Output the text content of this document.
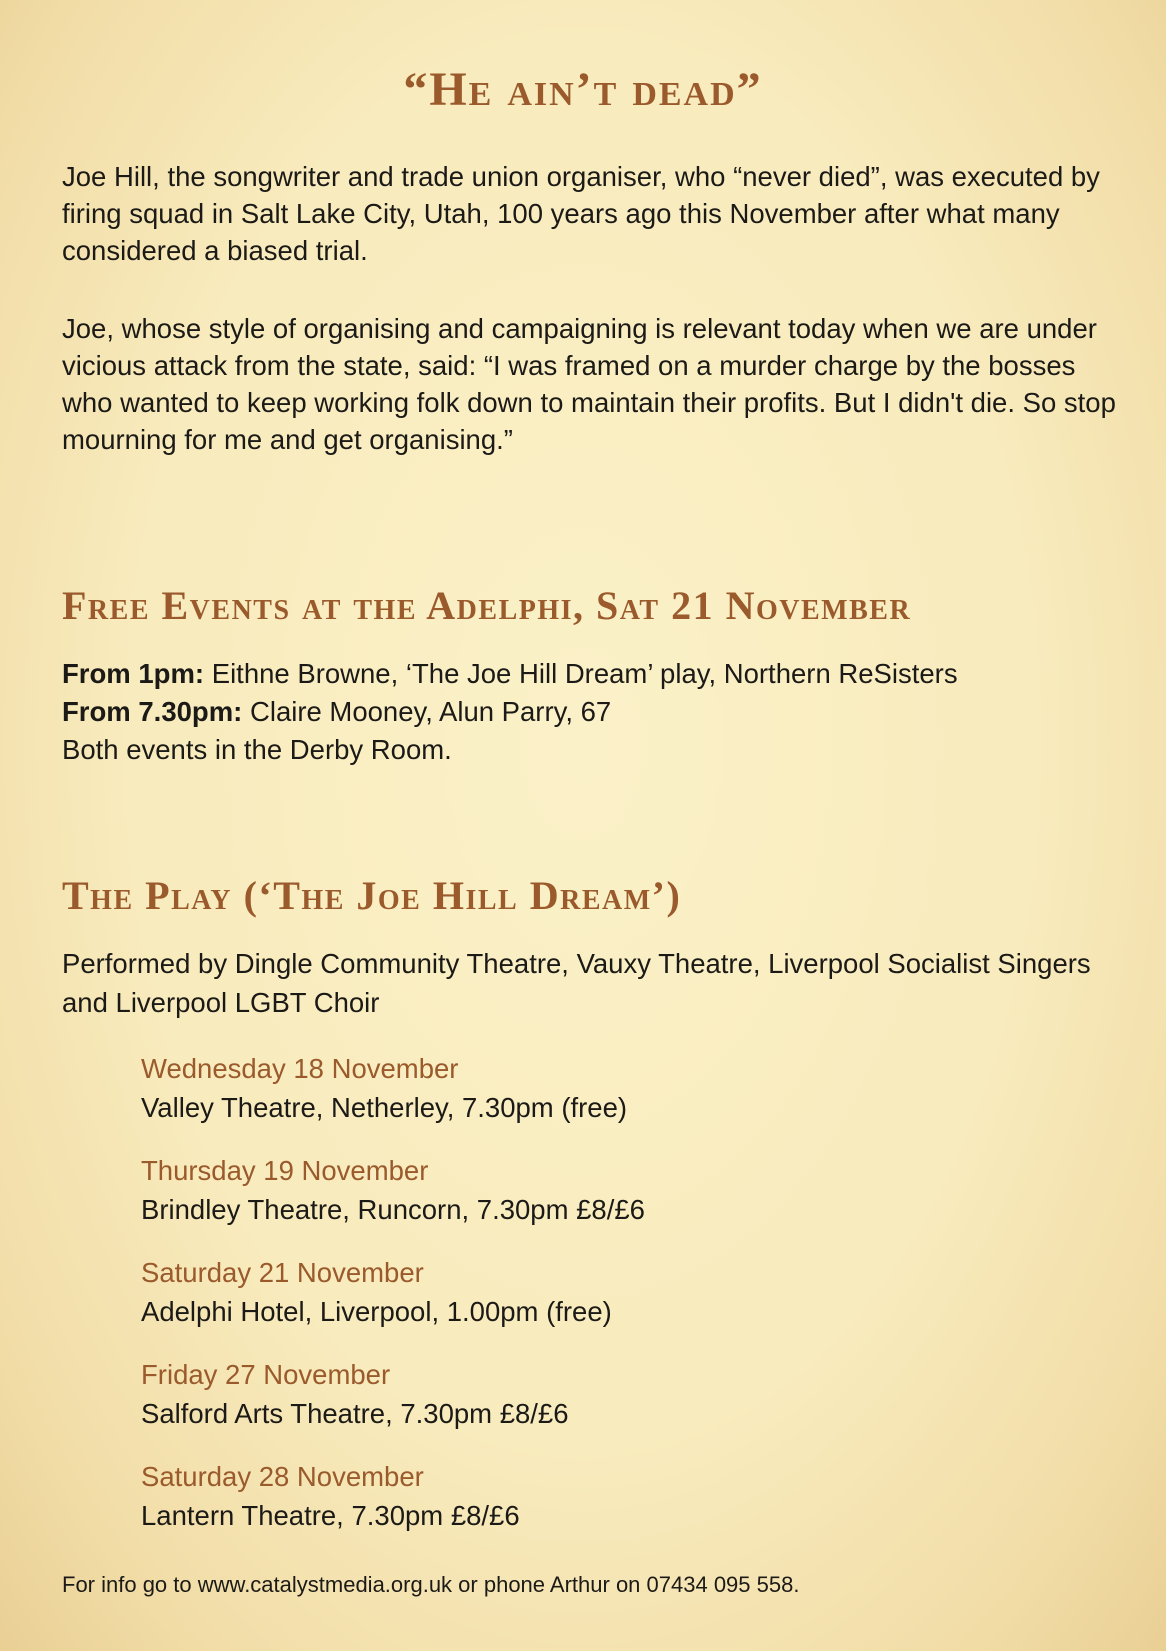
“He ain’t dead”

Joe Hill, the songwriter and trade union organiser, who “never died”, was executed by firing squad in Salt Lake City, Utah, 100 years ago this November after what many considered a biased trial.

Joe, whose style of organising and campaigning is relevant today when we are under vicious attack from the state, said: “I was framed on a murder charge by the bosses who wanted to keep working folk down to maintain their profits. But I didn't die. So stop mourning for me and get organising.”

Free Events at the Adelphi, Sat 21 November

From 1pm: Eithne Browne, ‘The Joe Hill Dream’ play, Northern ReSisters

From 7.30pm: Claire Mooney, Alun Parry, 67

Both events in the Derby Room.

The Play (‘The Joe Hill Dream’)

Performed by Dingle Community Theatre, Vauxy Theatre, Liverpool Socialist Singers and Liverpool LGBT Choir

Wednesday 18 November

Valley Theatre, Netherley, 7.30pm (free)

Thursday 19 November

Brindley Theatre, Runcorn, 7.30pm £8/£6

Saturday 21 November

Adelphi Hotel, Liverpool, 1.00pm (free)

Friday 27 November

Salford Arts Theatre, 7.30pm £8/£6

Saturday 28 November

Lantern Theatre, 7.30pm £8/£6

For info go to www.catalystmedia.org.uk or phone Arthur on 07434 095 558.
